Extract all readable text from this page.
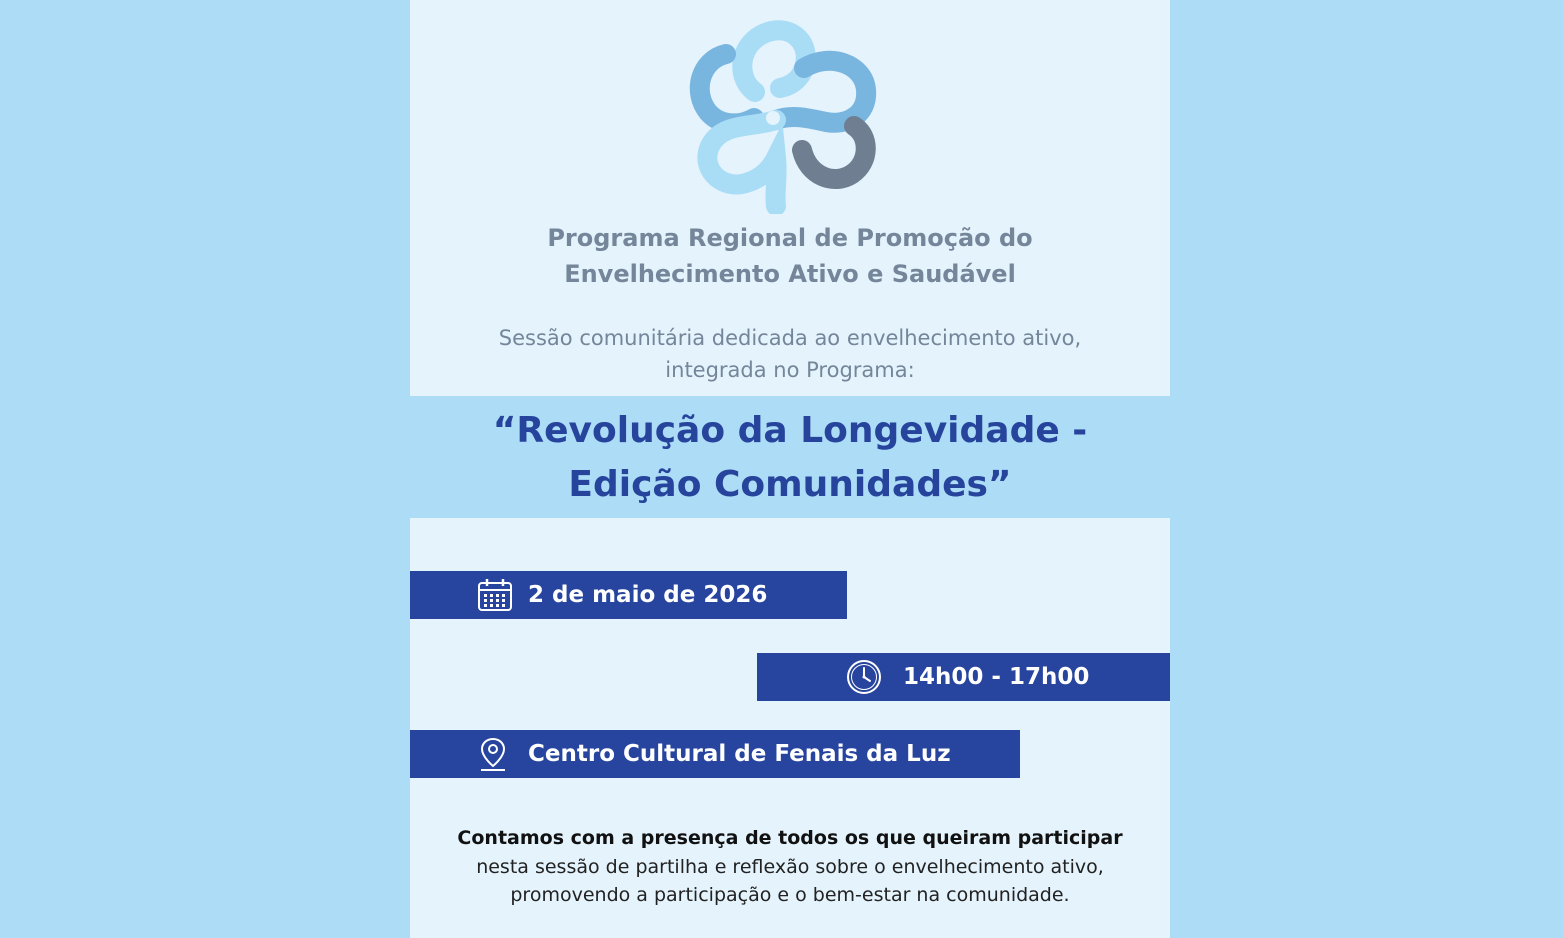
Programa Regional de Promoção do
Envelhecimento Ativo e Saudável
Sessão comunitária dedicada ao envelhecimento ativo,
integrada no Programa:
“Revolução da Longevidade -
Edição Comunidades”
2 de maio de 2026
14h00 - 17h00
Centro Cultural de Fenais da Luz
Contamos com a presença de todos os que queiram participar
nesta sessão de partilha e reflexão sobre o envelhecimento ativo,
promovendo a participação e o bem-estar na comunidade.
